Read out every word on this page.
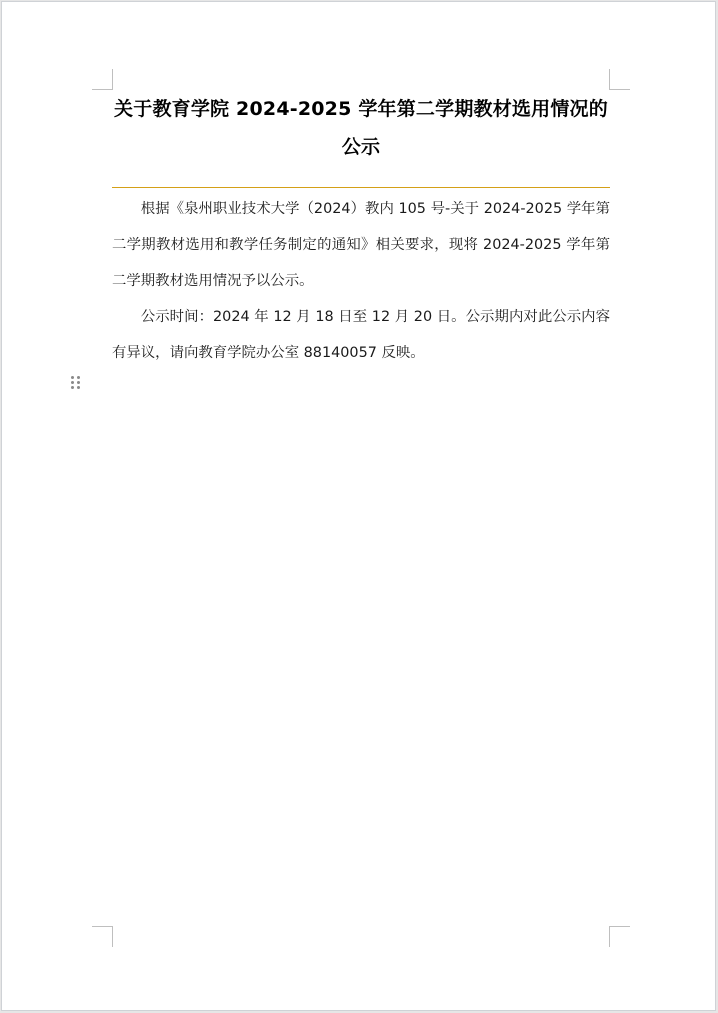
关于教育学院 2024-2025 学年第二学期教材选用情况的公示

根据《泉州职业技术大学（2024）教内 105 号-关于 2024-2025 学年第二学期教材选用和教学任务制定的通知》相关要求，现将 2024-2025 学年第二学期教材选用情况予以公示。

公示时间：2024 年 12 月 18 日至 12 月 20 日。公示期内对此公示内容有异议，请向教育学院办公室 88140057 反映。
